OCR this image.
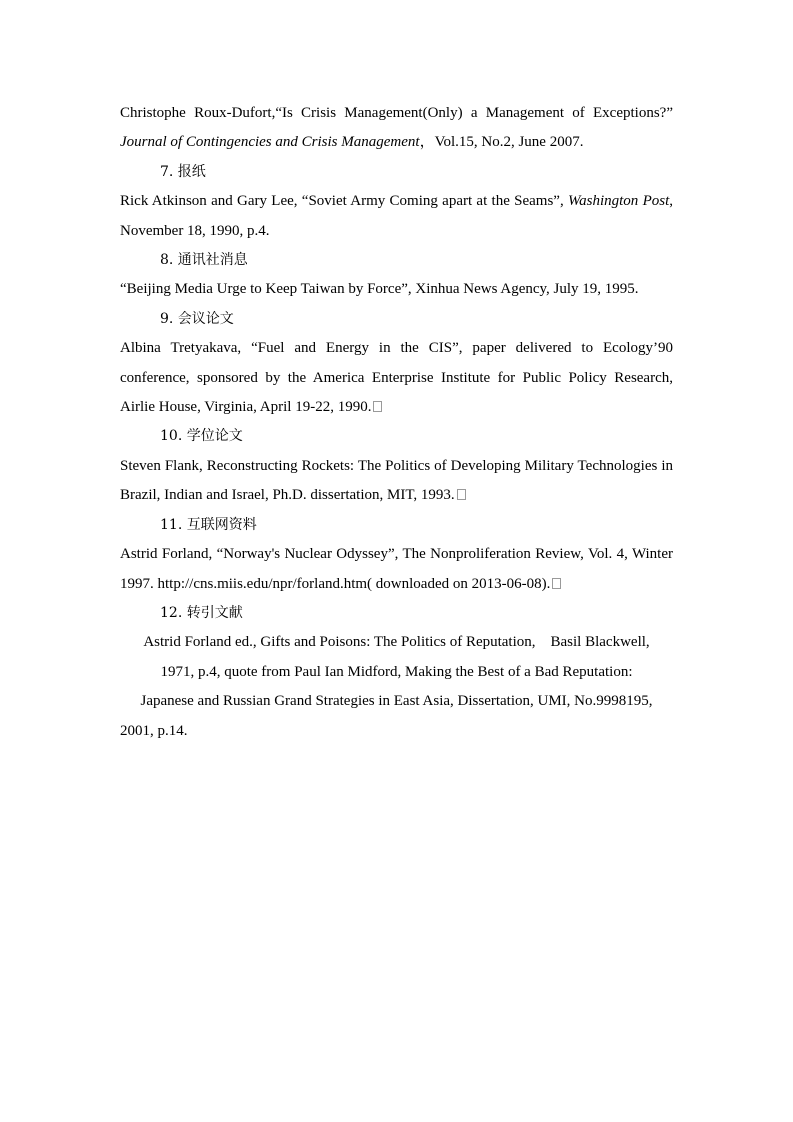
Christophe Roux-Dufort,“Is Crisis Management(Only) a Management of Exceptions?” Journal of Contingencies and Crisis Management，Vol.15, No.2, June 2007.

7. 报纸

Rick Atkinson and Gary Lee, “Soviet Army Coming apart at the Seams”, Washington Post, November 18, 1990, p.4.

8. 通讯社消息

“Beijing Media Urge to Keep Taiwan by Force”, Xinhua News Agency, July 19, 1995.

9. 会议论文

Albina Tretyakava, “Fuel and Energy in the CIS”, paper delivered to Ecology’90 conference, sponsored by the America Enterprise Institute for Public Policy Research, Airlie House, Virginia, April 19-22, 1990.

10. 学位论文

Steven Flank, Reconstructing Rockets: The Politics of Developing Military Technologies in Brazil, Indian and Israel, Ph.D. dissertation, MIT, 1993.

11. 互联网资料

Astrid Forland, “Norway's Nuclear Odyssey”, The Nonproliferation Review, Vol. 4, Winter 1997. http://cns.miis.edu/npr/forland.htm( downloaded on 2013-06-08).

12. 转引文献

Astrid Forland ed., Gifts and Poisons: The Politics of Reputation, Basil Blackwell,

1971, p.4, quote from Paul Ian Midford, Making the Best of a Bad Reputation:

Japanese and Russian Grand Strategies in East Asia, Dissertation, UMI, No.9998195,

2001, p.14.
